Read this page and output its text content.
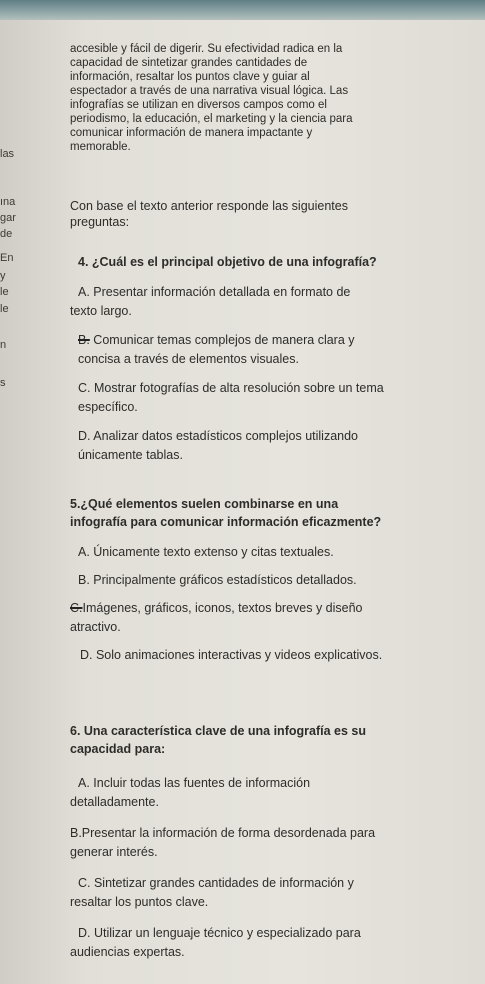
las
ına
gar
de
En
y
le
le
n
s

accesible y fácil de digerir. Su efectividad radica en la

capacidad de sintetizar grandes cantidades de

información, resaltar los puntos clave y guiar al

espectador a través de una narrativa visual lógica. Las

infografías se utilizan en diversos campos como el

periodismo, la educación, el marketing y la ciencia para

comunicar información de manera impactante y

memorable.

Con base el texto anterior responde las siguientes

preguntas:

4. ¿Cuál es el principal objetivo de una infografía?

A. Presentar información detallada en formato de

texto largo.

B. Comunicar temas complejos de manera clara y

concisa a través de elementos visuales.

C. Mostrar fotografías de alta resolución sobre un tema

específico.

D. Analizar datos estadísticos complejos utilizando

únicamente tablas.

5.¿Qué elementos suelen combinarse en una

infografía para comunicar información eficazmente?

A. Únicamente texto extenso y citas textuales.

B. Principalmente gráficos estadísticos detallados.

C.Imágenes, gráficos, iconos, textos breves y diseño

atractivo.

D. Solo animaciones interactivas y videos explicativos.

6. Una característica clave de una infografía es su

capacidad para:

A. Incluir todas las fuentes de información

detalladamente.

B.Presentar la información de forma desordenada para

generar interés.

C. Sintetizar grandes cantidades de información y

resaltar los puntos clave.

D. Utilizar un lenguaje técnico y especializado para

audiencias expertas.
